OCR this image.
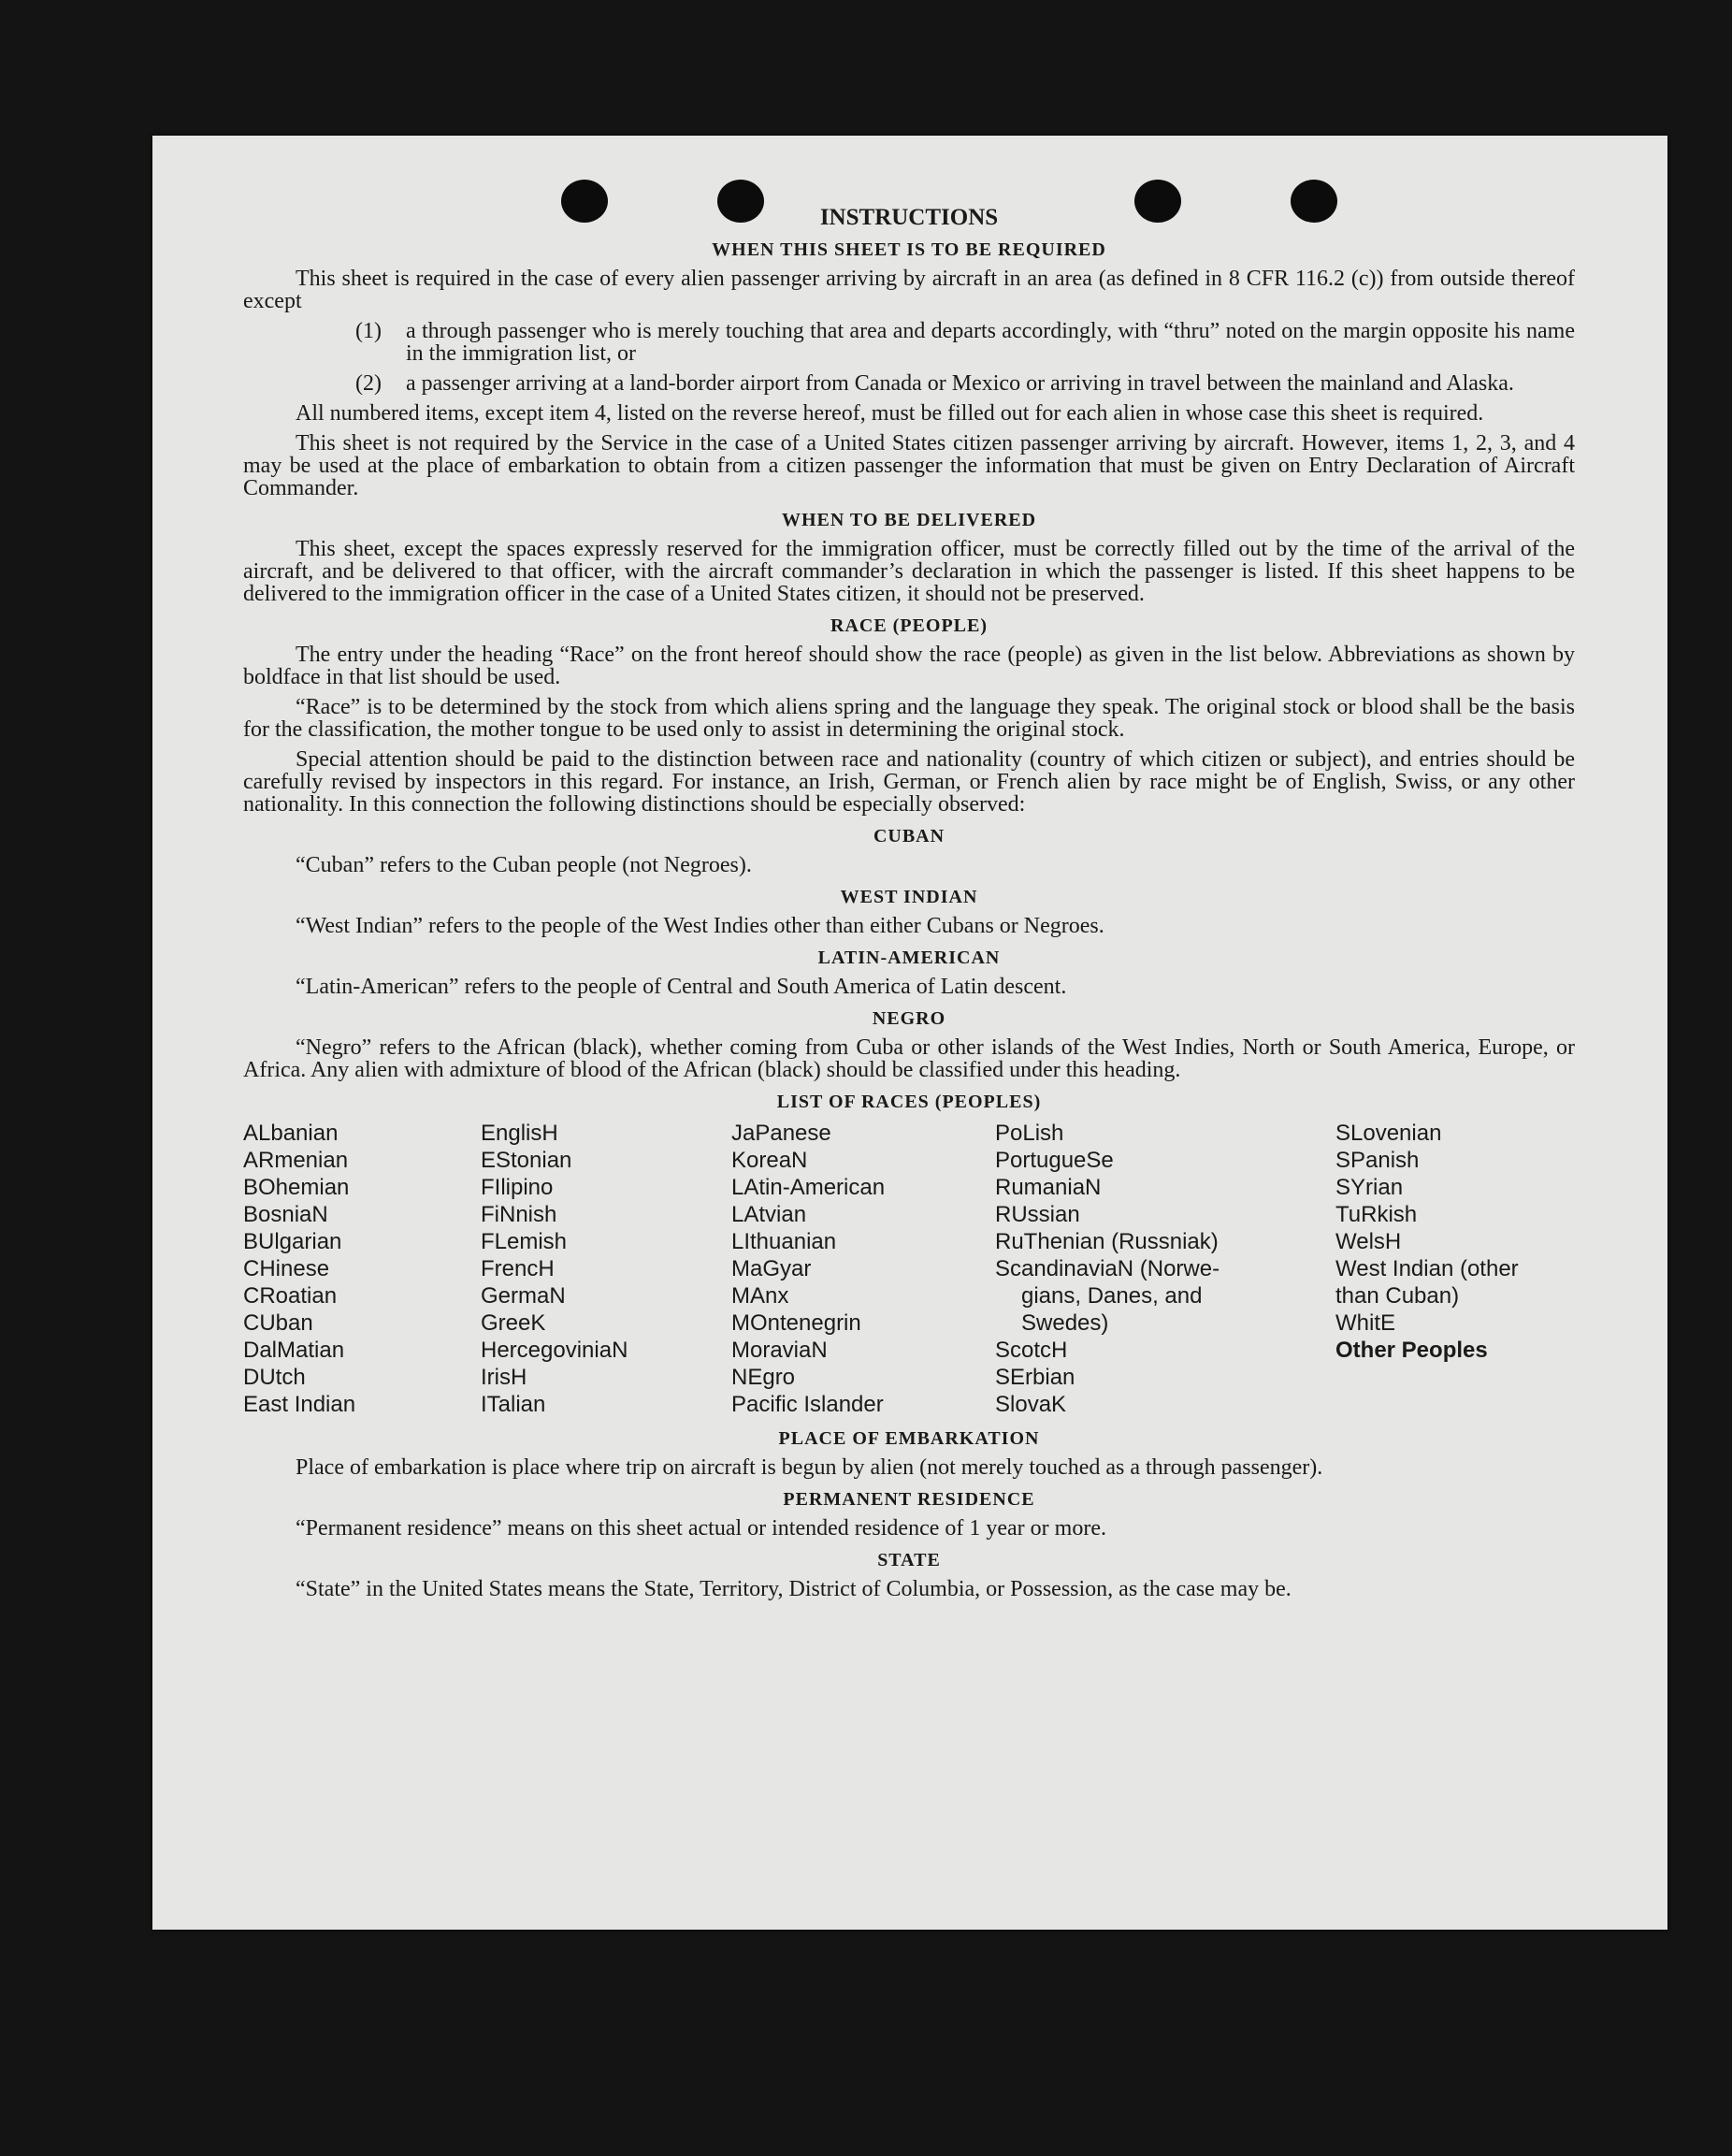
INSTRUCTIONS
WHEN THIS SHEET IS TO BE REQUIRED

This sheet is required in the case of every alien passenger arriving by aircraft in an area (as defined in 8 CFR 116.2 (c)) from outside thereof except

(1)	a through passenger who is merely touching that area and departs accordingly, with “thru” noted on the margin opposite his name in the immigration list, or
(2)	a passenger arriving at a land-border airport from Canada or Mexico or arriving in travel between the mainland and Alaska.

All numbered items, except item 4, listed on the reverse hereof, must be filled out for each alien in whose case this sheet is required.

This sheet is not required by the Service in the case of a United States citizen passenger arriving by aircraft. However, items 1, 2, 3, and 4 may be used at the place of embarkation to obtain from a citizen passenger the information that must be given on Entry Declaration of Aircraft Commander.

WHEN TO BE DELIVERED

This sheet, except the spaces expressly reserved for the immigration officer, must be correctly filled out by the time of the arrival of the aircraft, and be delivered to that officer, with the aircraft commander’s declaration in which the passenger is listed. If this sheet happens to be delivered to the immigration officer in the case of a United States citizen, it should not be preserved.

RACE (PEOPLE)

The entry under the heading “Race” on the front hereof should show the race (people) as given in the list below. Abbreviations as shown by boldface in that list should be used.

“Race” is to be determined by the stock from which aliens spring and the language they speak. The original stock or blood shall be the basis for the classification, the mother tongue to be used only to assist in determining the original stock.

Special attention should be paid to the distinction between race and nationality (country of which citizen or subject), and entries should be carefully revised by inspectors in this regard. For instance, an Irish, German, or French alien by race might be of English, Swiss, or any other nationality. In this connection the following distinctions should be especially observed:

CUBAN

“Cuban” refers to the Cuban people (not Negroes).

WEST INDIAN

“West Indian” refers to the people of the West Indies other than either Cubans or Negroes.

LATIN-AMERICAN

“Latin-American” refers to the people of Central and South America of Latin descent.

NEGRO

“Negro” refers to the African (black), whether coming from Cuba or other islands of the West Indies, North or South America, Europe, or Africa. Any alien with admixture of blood of the African (black) should be classified under this heading.

LIST OF RACES (PEOPLES)
ALbanian	EnglisH	JaPanese	PoLish	SLovenian
ARmenian	EStonian	KoreaN	PortugueSe	SPanish
BOhemian	FIlipino	LAtin-American	RumaniaN	SYrian
BosniaN	FiNnish	LAtvian	RUssian	TuRkish
BUlgarian	FLemish	LIthuanian	RuThenian (Russniak)	WelsH
CHinese	FrencH	MaGyar	ScandinaviaN (Norwe-	West Indian (other
CRoatian	GermaN	MAnx	gians, Danes, and	than Cuban)
CUban	GreeK	MOntenegrin	Swedes)	WhitE
DalMatian	HercegoviniaN	MoraviaN	ScotcH	Other Peoples
DUtch	IrisH	NEgro	SErbian
East Indian	ITalian	Pacific Islander	SlovaK
PLACE OF EMBARKATION

Place of embarkation is place where trip on aircraft is begun by alien (not merely touched as a through passenger).

PERMANENT RESIDENCE

“Permanent residence” means on this sheet actual or intended residence of 1 year or more.

STATE

“State” in the United States means the State, Territory, District of Columbia, or Possession, as the case may be.
